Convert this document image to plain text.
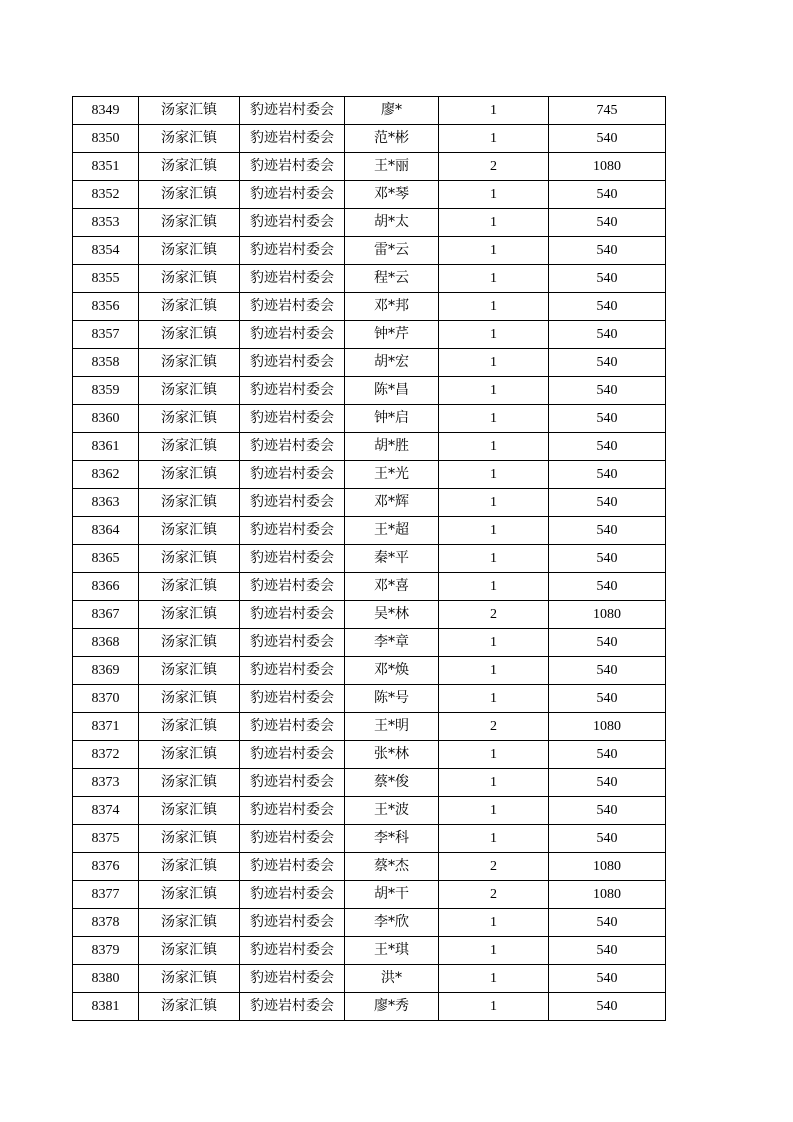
8349	汤家汇镇	豹迹岩村委会	廖*	1	745
8350	汤家汇镇	豹迹岩村委会	范*彬	1	540
8351	汤家汇镇	豹迹岩村委会	王*丽	2	1080
8352	汤家汇镇	豹迹岩村委会	邓*琴	1	540
8353	汤家汇镇	豹迹岩村委会	胡*太	1	540
8354	汤家汇镇	豹迹岩村委会	雷*云	1	540
8355	汤家汇镇	豹迹岩村委会	程*云	1	540
8356	汤家汇镇	豹迹岩村委会	邓*邦	1	540
8357	汤家汇镇	豹迹岩村委会	钟*芹	1	540
8358	汤家汇镇	豹迹岩村委会	胡*宏	1	540
8359	汤家汇镇	豹迹岩村委会	陈*昌	1	540
8360	汤家汇镇	豹迹岩村委会	钟*启	1	540
8361	汤家汇镇	豹迹岩村委会	胡*胜	1	540
8362	汤家汇镇	豹迹岩村委会	王*光	1	540
8363	汤家汇镇	豹迹岩村委会	邓*辉	1	540
8364	汤家汇镇	豹迹岩村委会	王*超	1	540
8365	汤家汇镇	豹迹岩村委会	秦*平	1	540
8366	汤家汇镇	豹迹岩村委会	邓*喜	1	540
8367	汤家汇镇	豹迹岩村委会	吴*林	2	1080
8368	汤家汇镇	豹迹岩村委会	李*章	1	540
8369	汤家汇镇	豹迹岩村委会	邓*焕	1	540
8370	汤家汇镇	豹迹岩村委会	陈*号	1	540
8371	汤家汇镇	豹迹岩村委会	王*明	2	1080
8372	汤家汇镇	豹迹岩村委会	张*林	1	540
8373	汤家汇镇	豹迹岩村委会	蔡*俊	1	540
8374	汤家汇镇	豹迹岩村委会	王*波	1	540
8375	汤家汇镇	豹迹岩村委会	李*科	1	540
8376	汤家汇镇	豹迹岩村委会	蔡*杰	2	1080
8377	汤家汇镇	豹迹岩村委会	胡*干	2	1080
8378	汤家汇镇	豹迹岩村委会	李*欣	1	540
8379	汤家汇镇	豹迹岩村委会	王*琪	1	540
8380	汤家汇镇	豹迹岩村委会	洪*	1	540
8381	汤家汇镇	豹迹岩村委会	廖*秀	1	540
